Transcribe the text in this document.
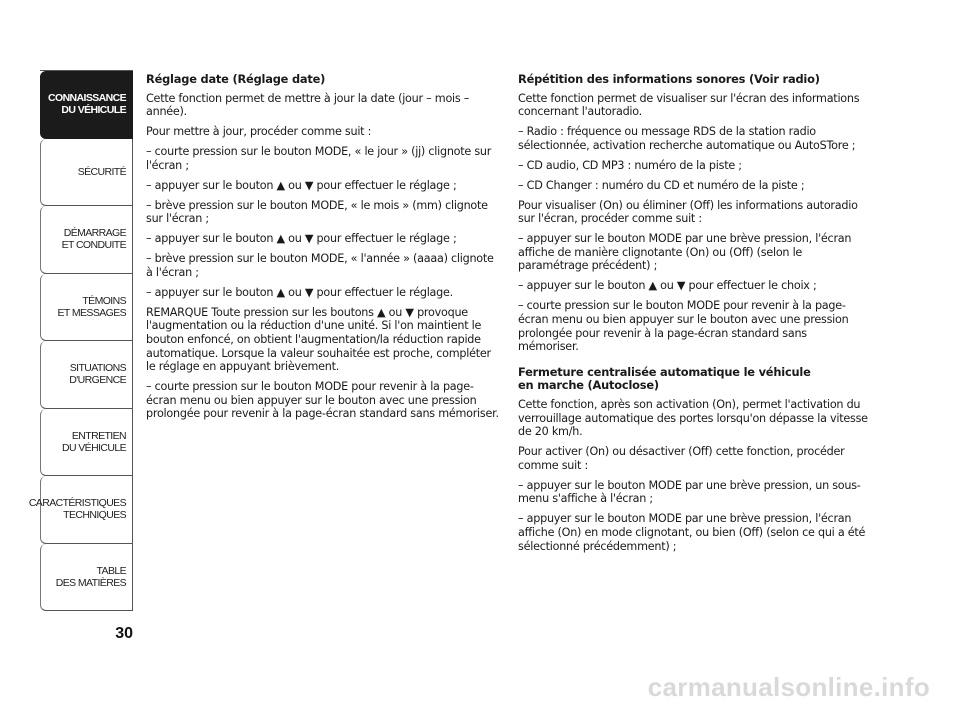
CONNAISSANCE
DU VÉHICULE
SÉCURITÉ
DÉMARRAGE
ET CONDUITE
TÉMOINS
ET MESSAGES
SITUATIONS
D'URGENCE
ENTRETIEN
DU VÉHICULE
CARACTÉRISTIQUES
TECHNIQUES
TABLE
DES MATIÈRES
30
Réglage date (Réglage date)

Cette fonction permet de mettre à jour la date (jour – mois – année).

Pour mettre à jour, procéder comme suit :

– courte pression sur le bouton MODE, « le jour » (jj) clignote sur l'écran ;

– appuyer sur le bouton ▲ ou ▼ pour effectuer le réglage ;

– brève pression sur le bouton MODE, « le mois » (mm) clignote sur l'écran ;

– appuyer sur le bouton ▲ ou ▼ pour effectuer le réglage ;

– brève pression sur le bouton MODE, « l'année » (aaaa) clignote à l'écran ;

– appuyer sur le bouton ▲ ou ▼ pour effectuer le réglage.

REMARQUE Toute pression sur les boutons ▲ ou ▼ provoque l'augmentation ou la réduction d'une unité. Si l'on maintient le bouton enfoncé, on obtient l'augmentation/la réduction rapide automatique. Lorsque la valeur souhaitée est proche, compléter le réglage en appuyant brièvement.

– courte pression sur le bouton MODE pour revenir à la page-écran menu ou bien appuyer sur le bouton avec une pression prolongée pour revenir à la page-écran standard sans mémoriser.

Répétition des informations sonores (Voir radio)

Cette fonction permet de visualiser sur l'écran des informations concernant l'autoradio.

– Radio : fréquence ou message RDS de la station radio sélectionnée, activation recherche automatique ou AutoSTore ;

– CD audio, CD MP3 : numéro de la piste ;

– CD Changer : numéro du CD et numéro de la piste ;

Pour visualiser (On) ou éliminer (Off) les informations autoradio sur l'écran, procéder comme suit :

– appuyer sur le bouton MODE par une brève pression, l'écran affiche de manière clignotante (On) ou (Off) (selon le paramétrage précédent) ;

– appuyer sur le bouton ▲ ou ▼ pour effectuer le choix ;

– courte pression sur le bouton MODE pour revenir à la page-écran menu ou bien appuyer sur le bouton avec une pression prolongée pour revenir à la page-écran standard sans mémoriser.

Fermeture centralisée automatique le véhicule
en marche (Autoclose)

Cette fonction, après son activation (On), permet l'activation du verrouillage automatique des portes lorsqu'on dépasse la vitesse de 20 km/h.

Pour activer (On) ou désactiver (Off) cette fonction, procéder comme suit :

– appuyer sur le bouton MODE par une brève pression, un sous-menu s'affiche à l'écran ;

– appuyer sur le bouton MODE par une brève pression, l'écran affiche (On) en mode clignotant, ou bien (Off) (selon ce qui a été sélectionné précédemment) ;

carmanualsonline.info
